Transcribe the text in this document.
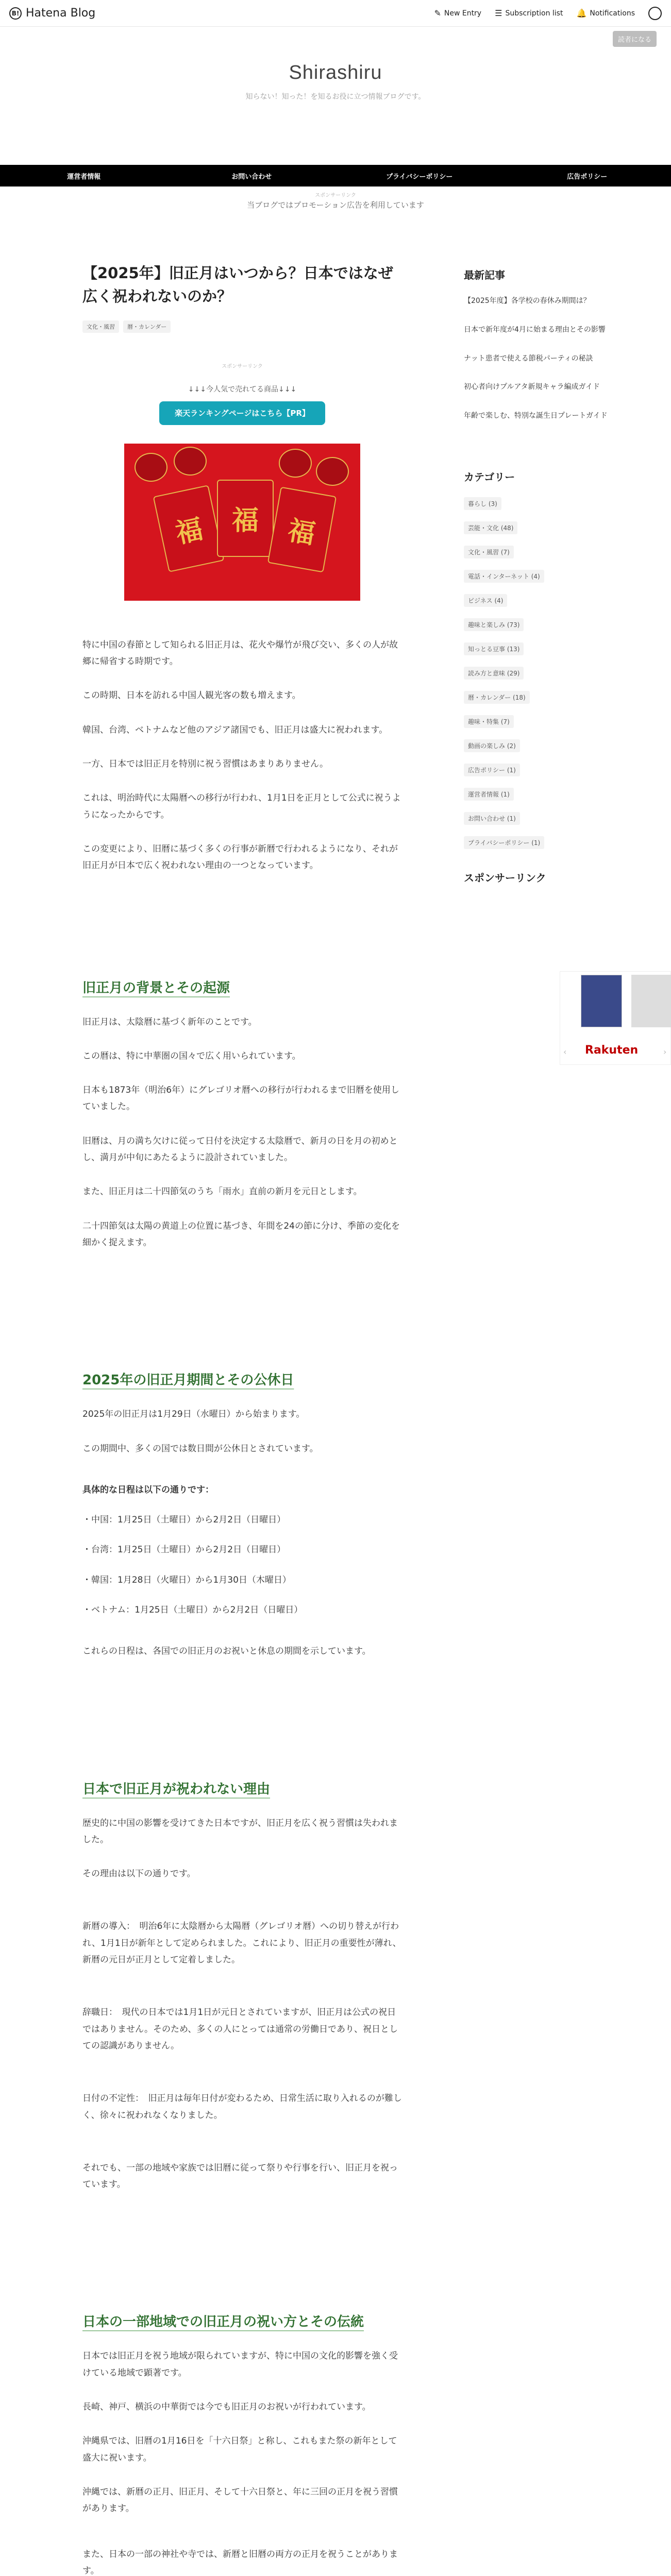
B! Hatena Blog	✎ New Entry ☰ Subscription list 🔔 Notifications
読者になる
Shirashiru
知らない！知った！を知るお役に立つ情報ブログです。
運営者情報	お問い合わせ	プライバシーポリシー	広告ポリシー
スポンサーリンク
当ブログではプロモーション広告を利用しています
【2025年】旧正月はいつから？日本ではなぜ広く祝われないのか？
文化・風習	暦・カレンダー
スポンサーリンク
↓↓↓今人気で売れてる商品↓↓↓
楽天ランキングページはこちら【PR】
福 福	福

特に中国の春節として知られる旧正月は、花火や爆竹が飛び交い、多くの人が故郷に帰省する時期です。

この時期、日本を訪れる中国人観光客の数も増えます。

韓国、台湾、ベトナムなど他のアジア諸国でも、旧正月は盛大に祝われます。

一方、日本では旧正月を特別に祝う習慣はあまりありません。

これは、明治時代に太陽暦への移行が行われ、1月1日を正月として公式に祝うようになったからです。

この変更により、旧暦に基づく多くの行事が新暦で行われるようになり、それが旧正月が日本で広く祝われない理由の一つとなっています。

旧正月の背景とその起源

旧正月は、太陰暦に基づく新年のことです。

この暦は、特に中華圏の国々で広く用いられています。

日本も1873年（明治6年）にグレゴリオ暦への移行が行われるまで旧暦を使用していました。

旧暦は、月の満ち欠けに従って日付を決定する太陰暦で、新月の日を月の初めとし、満月が中旬にあたるように設計されていました。

また、旧正月は二十四節気のうち「雨水」直前の新月を元日とします。

二十四節気は太陽の黄道上の位置に基づき、年間を24の節に分け、季節の変化を細かく捉えます。

2025年の旧正月期間とその公休日

2025年の旧正月は1月29日（水曜日）から始まります。

この期間中、多くの国では数日間が公休日とされています。

具体的な日程は以下の通りです：

・中国：1月25日（土曜日）から2月2日（日曜日）

・台湾：1月25日（土曜日）から2月2日（日曜日）

・韓国：1月28日（火曜日）から1月30日（木曜日）

・ベトナム：1月25日（土曜日）から2月2日（日曜日）

これらの日程は、各国での旧正月のお祝いと休息の期間を示しています。

日本で旧正月が祝われない理由

歴史的に中国の影響を受けてきた日本ですが、旧正月を広く祝う習慣は失われました。

その理由は以下の通りです。

新暦の導入：　明治6年に太陰暦から太陽暦（グレゴリオ暦）への切り替えが行われ、1月1日が新年として定められました。これにより、旧正月の重要性が薄れ、新暦の元日が正月として定着しました。

辞職日：　現代の日本では1月1日が元日とされていますが、旧正月は公式の祝日ではありません。そのため、多くの人にとっては通常の労働日であり、祝日としての認識がありません。

日付の不定性：　旧正月は毎年日付が変わるため、日常生活に取り入れるのが難しく、徐々に祝われなくなりました。

それでも、一部の地域や家族では旧暦に従って祭りや行事を行い、旧正月を祝っています。

日本の一部地域での旧正月の祝い方とその伝統

日本では旧正月を祝う地域が限られていますが、特に中国の文化的影響を強く受けている地域で顕著です。

長崎、神戸、横浜の中華街では今でも旧正月のお祝いが行われています。

沖縄県では、旧暦の1月16日を「十六日祭」と称し、これもまた祭の新年として盛大に祝います。

沖縄では、新暦の正月、旧正月、そして十六日祭と、年に三回の正月を祝う習慣があります。

また、日本の一部の神社や寺では、新暦と旧暦の両方の正月を祝うことがあります。

最新記事
【2025年度】各学校の春休み期間は？
日本で新年度が4月に始まる理由とその影響
ナット患者で使える節税パーティの秘訣
初心者向けプルアタ新規キャラ編成ガイド
年齢で楽しむ、特別な誕生日プレートガイド
カテゴリー
暮らし (3)
芸能・文化 (48)
文化・風習 (7)
電話・インターネット (4)
ビジネス (4)
趣味と楽しみ (73)
知っとる豆事 (13)
読み方と意味 (29)
暦・カレンダー (18)
趣味・特集 (7)
動画の楽しみ (2)
広告ポリシー (1)
運営者情報 (1)
お問い合わせ (1)
プライバシーポリシー (1)
スポンサーリンク
‹ Rakuten	›
